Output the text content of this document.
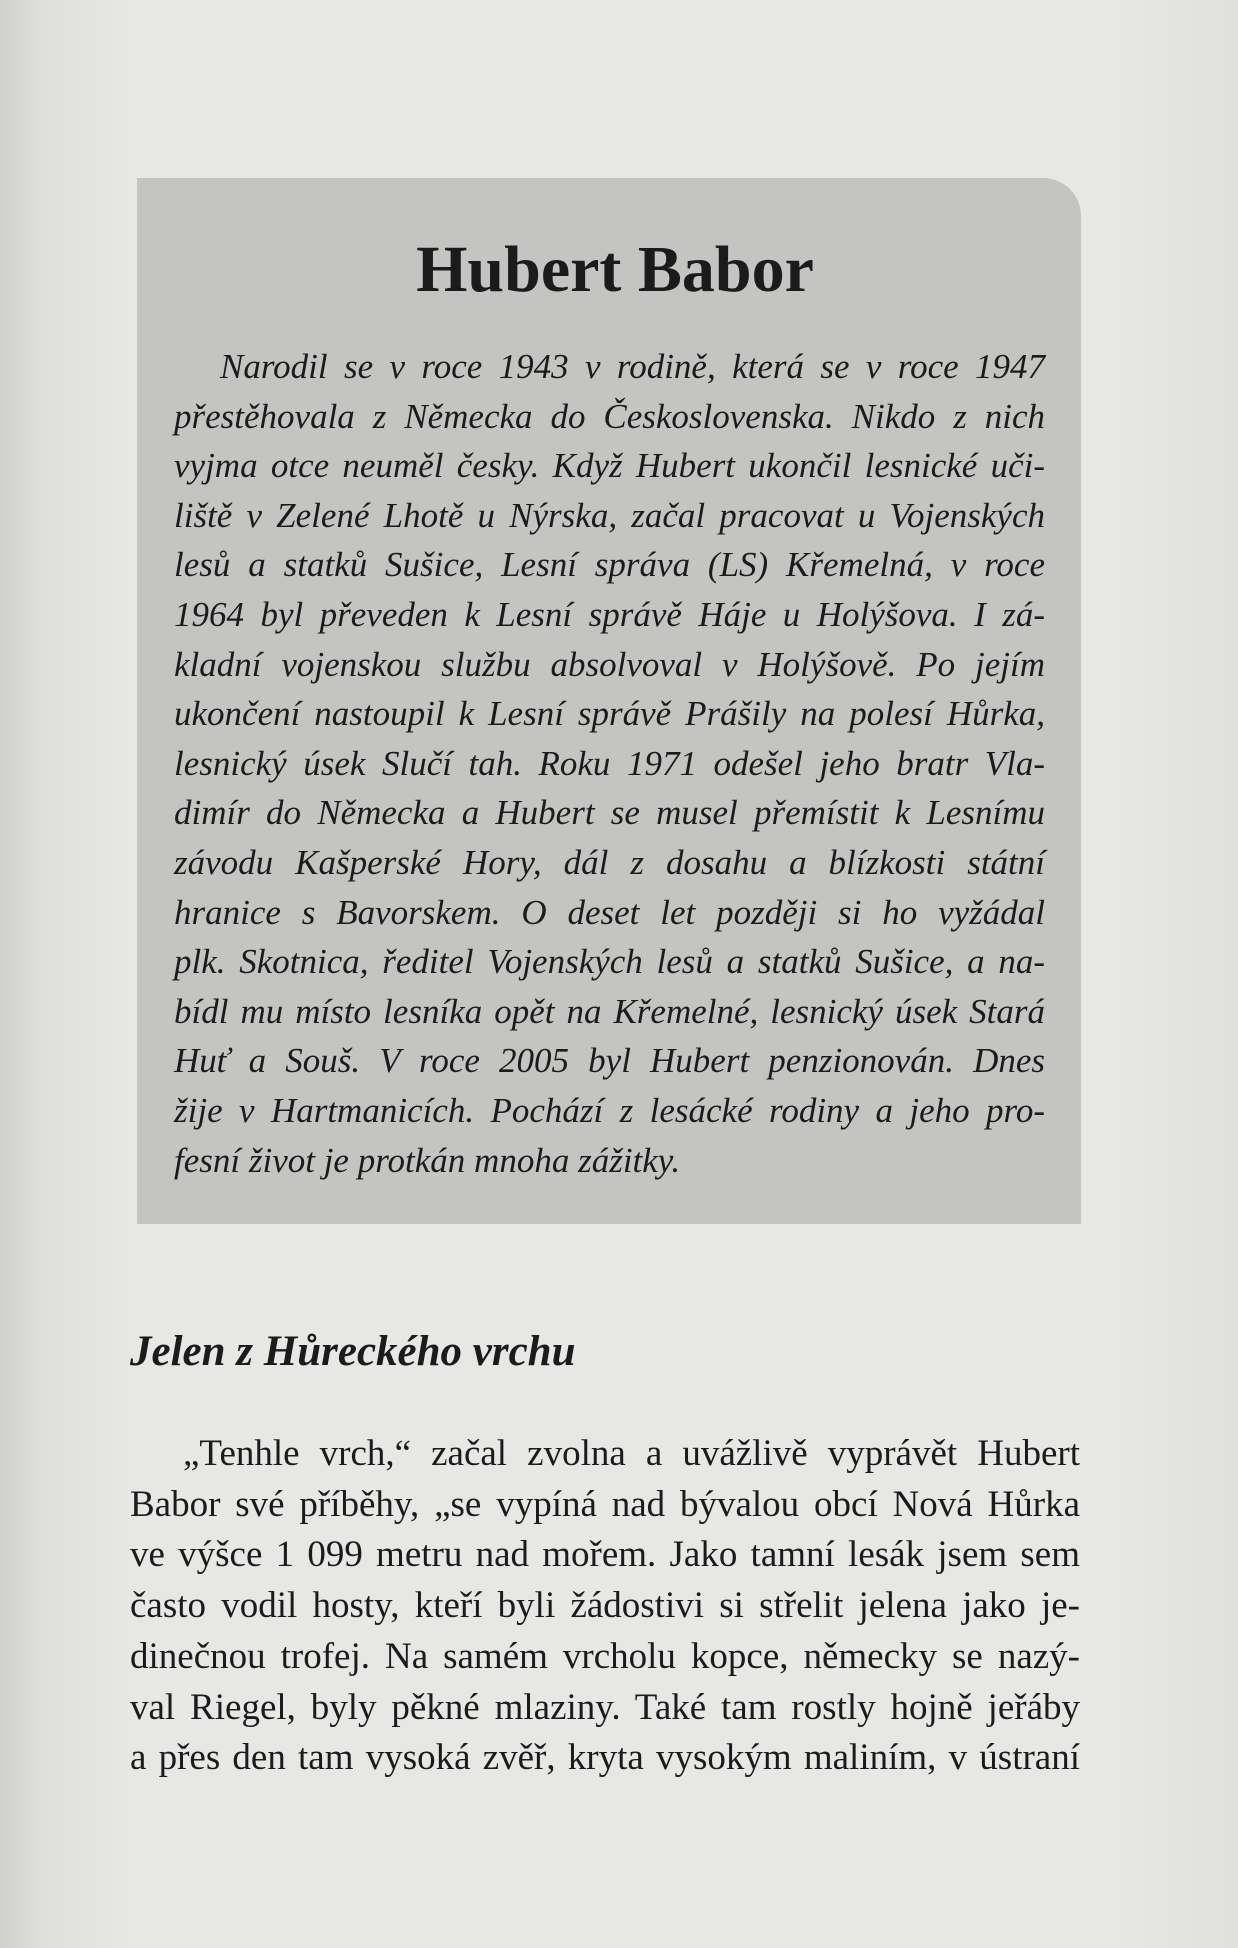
Hubert Babor
Narodil se v roce 1943 v rodině, která se v roce 1947
přestěhovala z Německa do Československa. Nikdo z nich
vyjma otce neuměl česky. Když Hubert ukončil lesnické uči-
liště v Zelené Lhotě u Nýrska, začal pracovat u Vojenských
lesů a statků Sušice, Lesní správa (LS) Křemelná, v roce
1964 byl převeden k Lesní správě Háje u Holýšova. I zá-
kladní vojenskou službu absolvoval v Holýšově. Po jejím
ukončení nastoupil k Lesní správě Prášily na polesí Hůrka,
lesnický úsek Slučí tah. Roku 1971 odešel jeho bratr Vla-
dimír do Německa a Hubert se musel přemístit k Lesnímu
závodu Kašperské Hory, dál z dosahu a blízkosti státní
hranice s Bavorskem. O deset let později si ho vyžádal
plk. Skotnica, ředitel Vojenských lesů a statků Sušice, a na-
bídl mu místo lesníka opět na Křemelné, lesnický úsek Stará
Huť a Souš. V roce 2005 byl Hubert penzionován. Dnes
žije v Hartmanicích. Pochází z lesácké rodiny a jeho pro-
fesní život je protkán mnoha zážitky.
Jelen z Hůreckého vrchu
„Tenhle vrch,“ začal zvolna a uvážlivě vyprávět Hubert
Babor své příběhy, „se vypíná nad bývalou obcí Nová Hůrka
ve výšce 1 099 metru nad mořem. Jako tamní lesák jsem sem
často vodil hosty, kteří byli žádostivi si střelit jelena jako je-
dinečnou trofej. Na samém vrcholu kopce, německy se nazý-
val Riegel, byly pěkné mlaziny. Také tam rostly hojně jeřáby
a přes den tam vysoká zvěř, kryta vysokým maliním, v ústraní
